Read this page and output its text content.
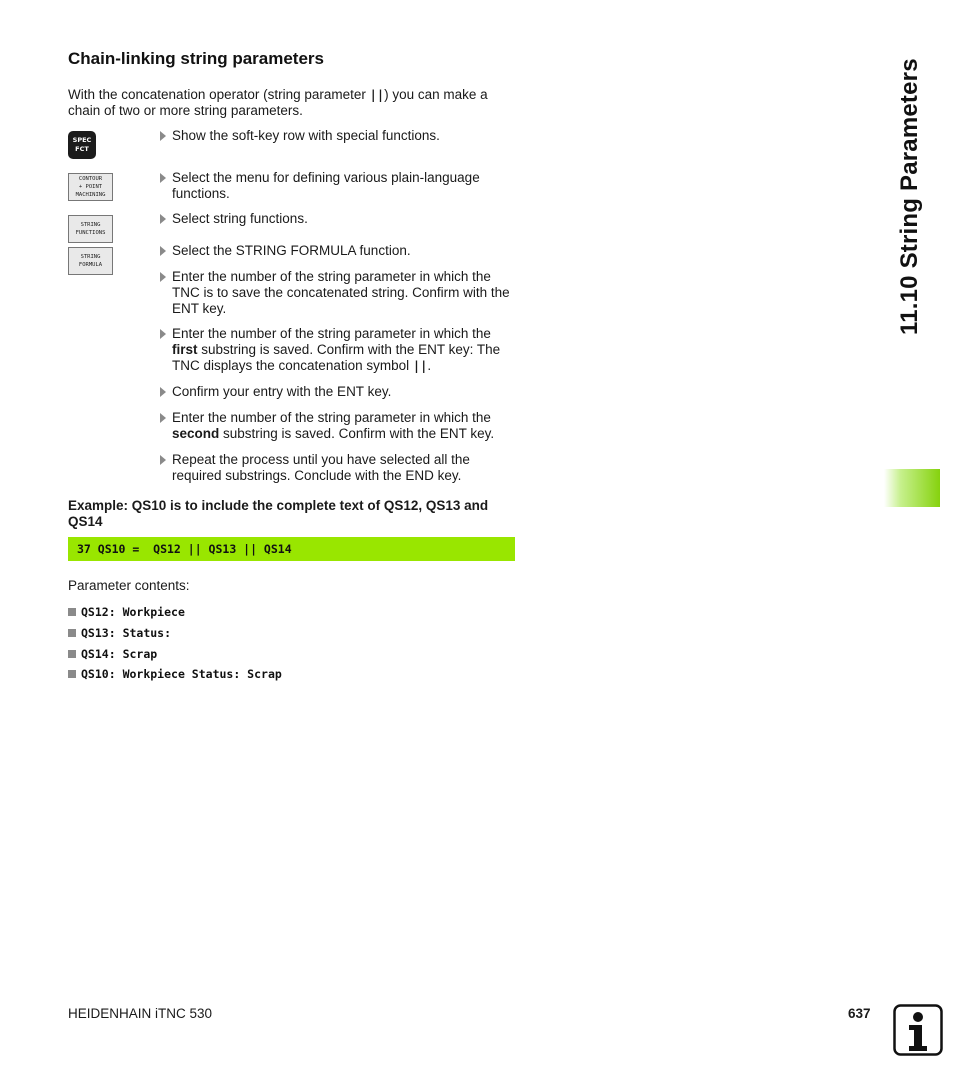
Chain-linking string parameters

With the concatenation operator (string parameter ||) you can make a chain of two or more string parameters.

SPEC
FCT
CONTOUR
+ POINT
MACHINING
STRING
FUNCTIONS
STRING
FORMULA
Show the soft-key row with special functions.
Select the menu for defining various plain-language functions.
Select string functions.
Select the STRING FORMULA function.
Enter the number of the string parameter in which the TNC is to save the concatenated string. Confirm with the ENT key.
Enter the number of the string parameter in which the first substring is saved. Confirm with the ENT key: The TNC displays the concatenation symbol ||.
Confirm your entry with the ENT key.
Enter the number of the string parameter in which the second substring is saved. Confirm with the ENT key.
Repeat the process until you have selected all the required substrings. Conclude with the END key.

Example: QS10 is to include the complete text of QS12, QS13 and QS14

37 QS10 =  QS12 || QS13 || QS14
Parameter contents:
QS12: Workpiece
QS13: Status:
QS14: Scrap
QS10: Workpiece Status: Scrap
11.10 String Parameters
HEIDENHAIN iTNC 530	637
